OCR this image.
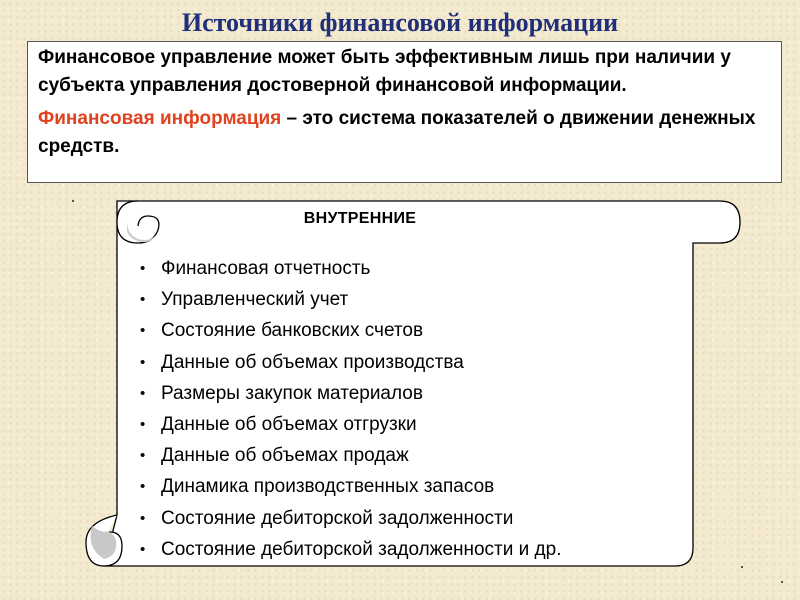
Источники финансовой информации

Финансовое управление может быть эффективным лишь при наличии у субъекта управления достоверной финансовой информации.

Финансовая информация – это система показателей о движении денежных средств.

ВНУТРЕННИЕ
• Финансовая отчетность
• Управленческий учет
• Состояние банковских счетов
• Данные об объемах производства
• Размеры закупок материалов
• Данные об объемах отгрузки
• Данные об объемах продаж
• Динамика производственных запасов
• Состояние дебиторской задолженности
• Состояние дебиторской задолженности и др.
